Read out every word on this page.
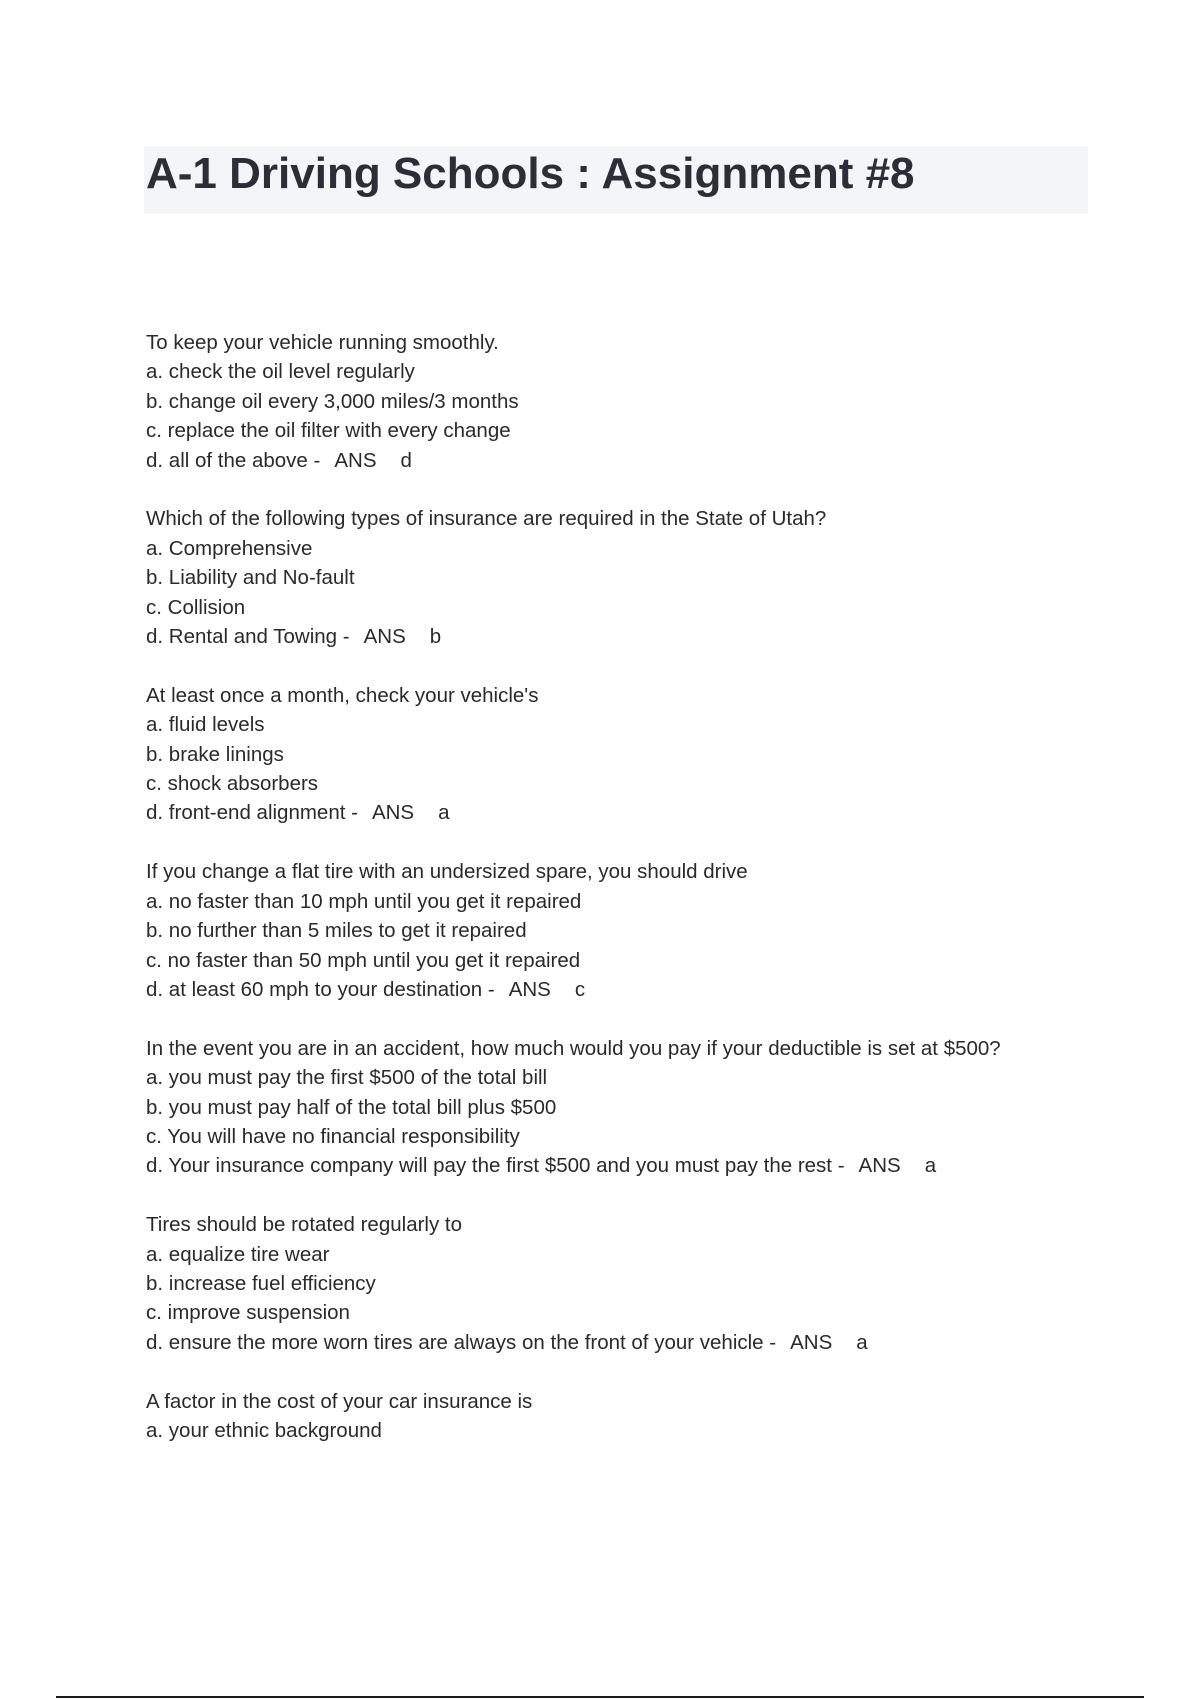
A-1 Driving Schools : Assignment #8
To keep your vehicle running smoothly.
a. check the oil level regularly
b. change oil every 3,000 miles/3 months
c. replace the oil filter with every change
d. all of the above - ANS d
Which of the following types of insurance are required in the State of Utah?
a. Comprehensive
b. Liability and No-fault
c. Collision
d. Rental and Towing - ANS b
At least once a month, check your vehicle's
a. fluid levels
b. brake linings
c. shock absorbers
d. front-end alignment - ANS a
If you change a flat tire with an undersized spare, you should drive
a. no faster than 10 mph until you get it repaired
b. no further than 5 miles to get it repaired
c. no faster than 50 mph until you get it repaired
d. at least 60 mph to your destination - ANS c
In the event you are in an accident, how much would you pay if your deductible is set at $500?
a. you must pay the first $500 of the total bill
b. you must pay half of the total bill plus $500
c. You will have no financial responsibility
d. Your insurance company will pay the first $500 and you must pay the rest - ANS a
Tires should be rotated regularly to
a. equalize tire wear
b. increase fuel efficiency
c. improve suspension
d. ensure the more worn tires are always on the front of your vehicle - ANS a
A factor in the cost of your car insurance is
a. your ethnic background
